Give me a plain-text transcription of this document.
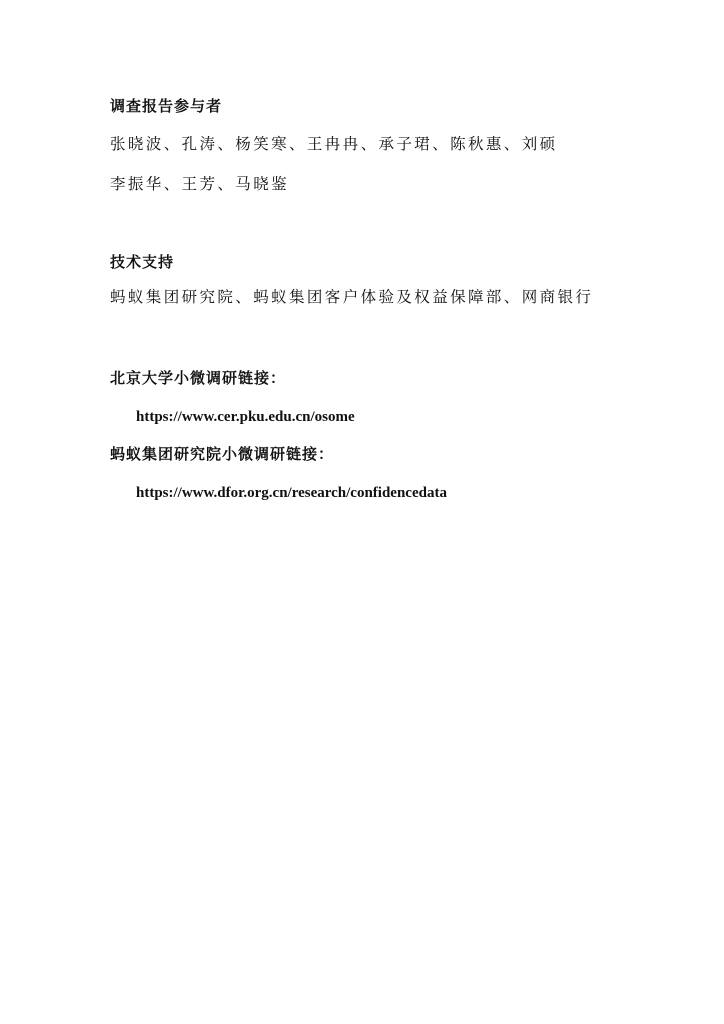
调查报告参与者
张晓波、孔涛、杨笑寒、王冉冉、承子珺、陈秋惠、刘硕
李振华、王芳、马晓鉴
技术支持
蚂蚁集团研究院、蚂蚁集团客户体验及权益保障部、网商银行
北京大学小微调研链接：
https://www.cer.pku.edu.cn/osome
蚂蚁集团研究院小微调研链接：
https://www.dfor.org.cn/research/confidencedata
